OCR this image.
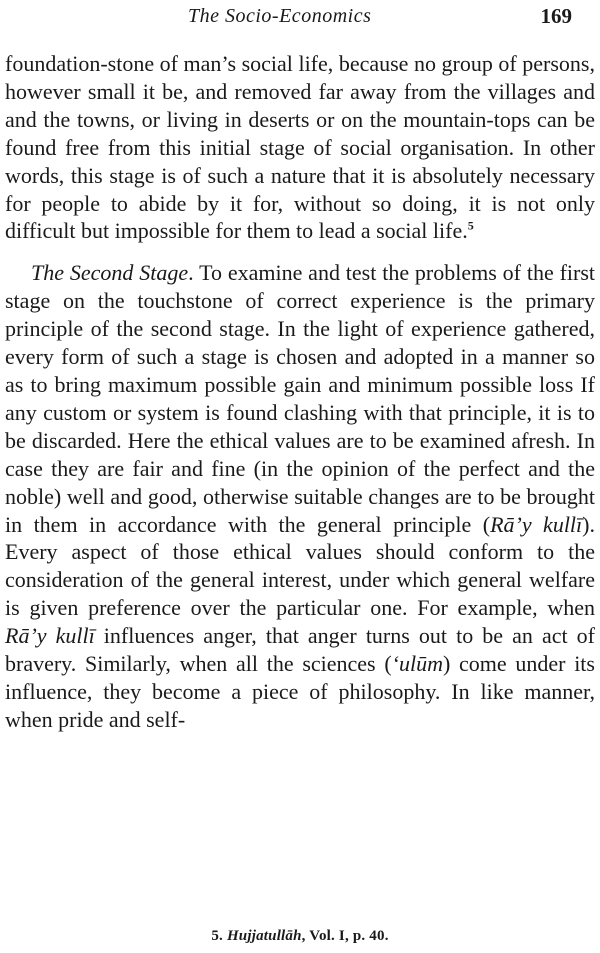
The Socio-Economics	169

foundation-stone of man’s social life, because no group of persons, however small it be, and removed far away from the villages and and the towns, or living in deserts or on the mountain-tops can be found free from this initial stage of social organisation. In other words, this stage is of such a nature that it is absolutely necessary for people to abide by it for, without so doing, it is not only difficult but impossible for them to lead a social life.$^5$

The Second Stage. To examine and test the problems of the first stage on the touchstone of correct experience is the primary principle of the second stage. In the light of experience gathered, every form of such a stage is chosen and adopted in a manner so as to bring maximum possible gain and minimum possible loss If any custom or system is found clashing with that principle, it is to be discarded. Here the ethical values are to be examined afresh. In case they are fair and fine (in the opinion of the perfect and the noble) well and good, otherwise suitable changes are to be brought in them in accordance with the general principle (Rā’y kullī). Every aspect of those ethical values should conform to the consideration of the general interest, under which general welfare is given preference over the particular one. For example, when Rā’y kullī influences anger, that anger turns out to be an act of bravery. Similarly, when all the sciences (‘ulūm) come under its influence, they become a piece of philosophy. In like manner, when pride and self-

5. Hujjatullāh, Vol. I, p. 40.
